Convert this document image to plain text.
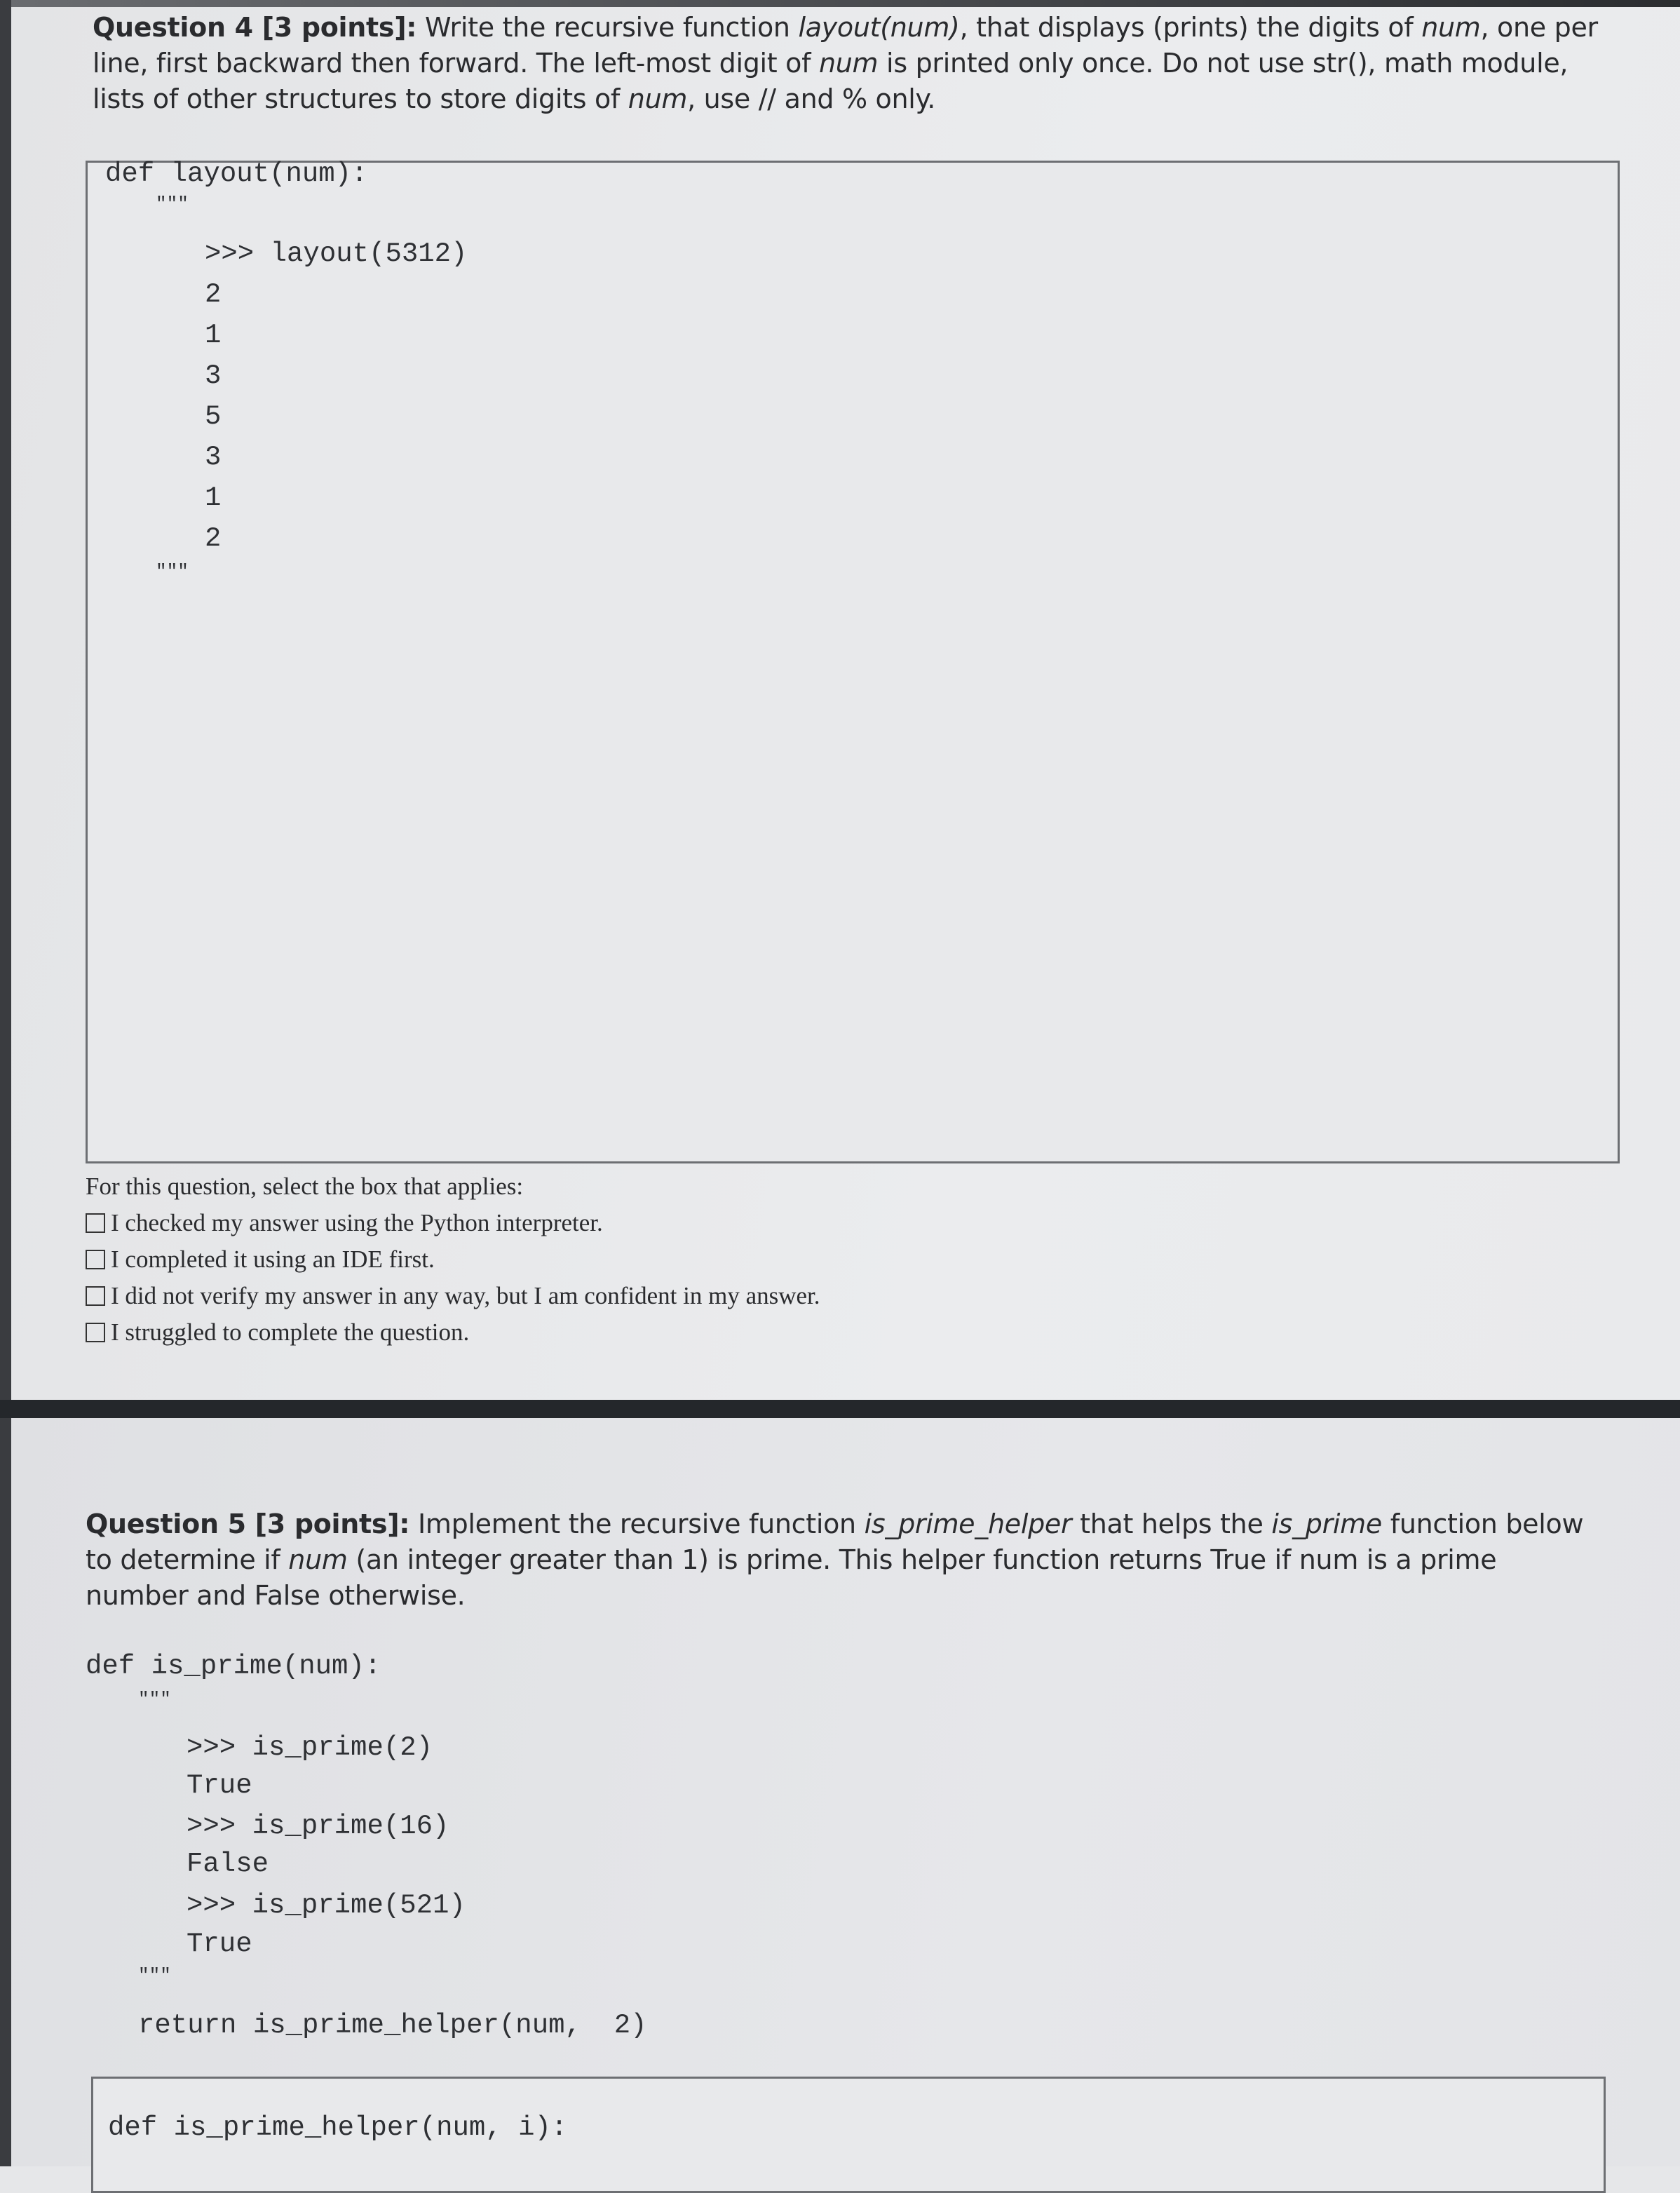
Question 4 [3 points]: Write the recursive function layout(num), that displays (prints) the digits of num, one per line, first backward then forward. The left-most digit of num is printed only once. Do not use str(), math module, lists of other structures to store digits of num, use // and % only.
def layout(num):
"""
>>> layout(5312)
2
1
3
5
3
1
2
"""
For this question, select the box that applies:
I checked my answer using the Python interpreter.
I completed it using an IDE first.
I did not verify my answer in any way, but I am confident in my answer.
I struggled to complete the question.
Question 5 [3 points]: Implement the recursive function is_prime_helper that helps the is_prime function below to determine if num (an integer greater than 1) is prime. This helper function returns True if num is a prime number and False otherwise.
def is_prime(num):
"""
>>> is_prime(2)
True
>>> is_prime(16)
False
>>> is_prime(521)
True
"""
return is_prime_helper(num,  2)
def is_prime_helper(num, i):
